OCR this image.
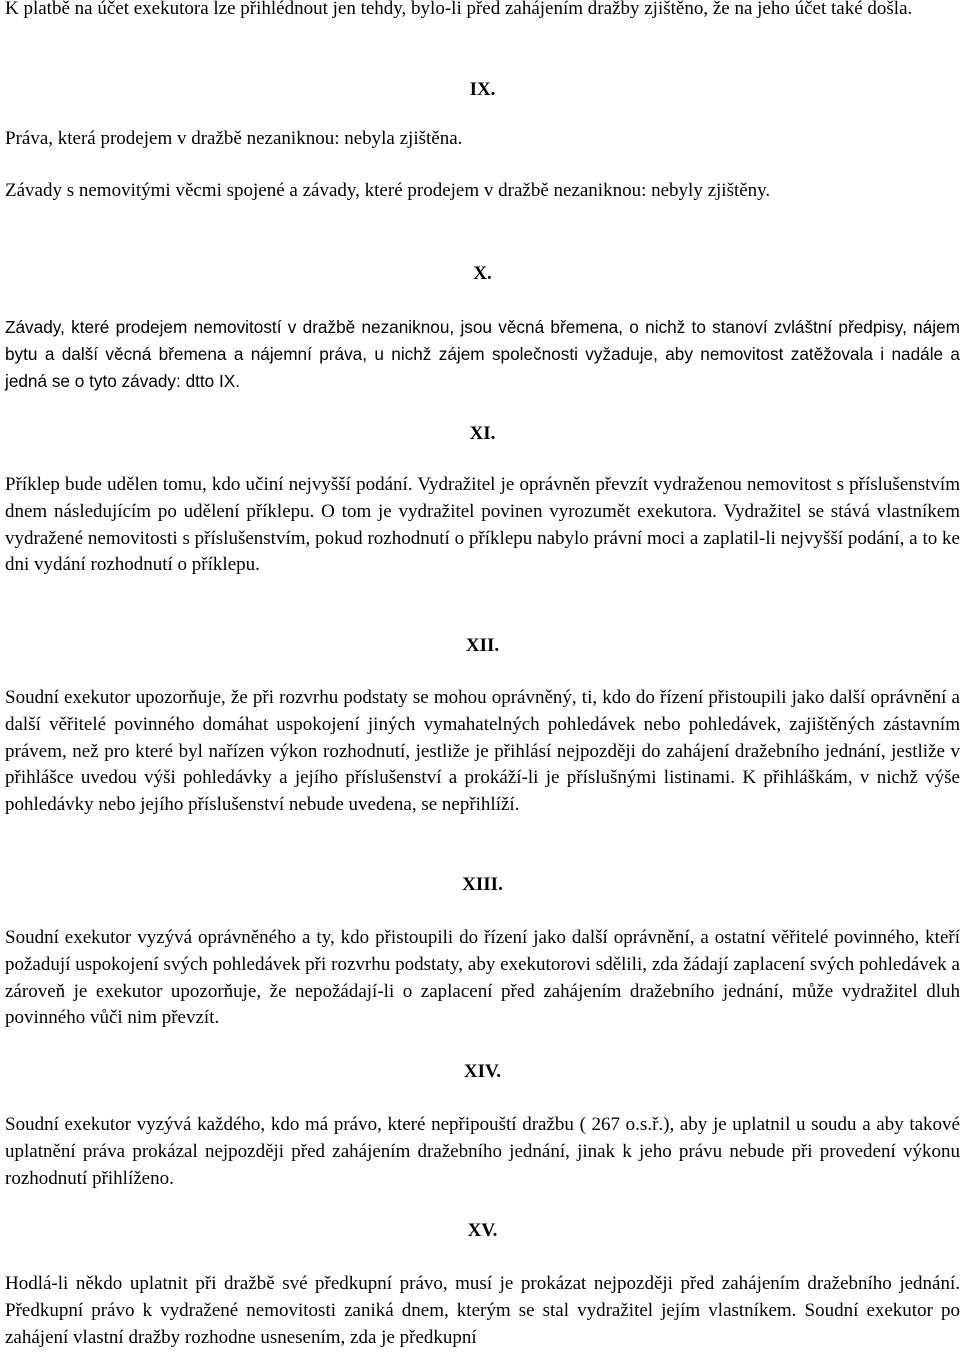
K platbě na účet exekutora lze přihlédnout jen tehdy, bylo-li před zahájením dražby zjištěno, že na jeho účet také došla.

IX.

Práva, která prodejem v dražbě nezaniknou: nebyla zjištěna.

Závady s nemovitými věcmi spojené a závady, které prodejem v dražbě nezaniknou: nebyly zjištěny.

X.

Závady, které prodejem nemovitostí v dražbě nezaniknou, jsou věcná břemena, o nichž to stanoví zvláštní předpisy, nájem bytu a další věcná břemena a nájemní práva, u nichž zájem společnosti vyžaduje, aby nemovitost zatěžovala i nadále a jedná se o tyto závady: dtto IX.

XI.

Příklep bude udělen tomu, kdo učiní nejvyšší podání. Vydražitel je oprávněn převzít vydraženou nemovitost s příslušenstvím dnem následujícím po udělení příklepu. O tom je vydražitel povinen vyrozumět exekutora. Vydražitel se stává vlastníkem vydražené nemovitosti s příslušenstvím, pokud rozhodnutí o příklepu nabylo právní moci a zaplatil-li nejvyšší podání, a to ke dni vydání rozhodnutí o příklepu.

XII.

Soudní exekutor upozorňuje, že při rozvrhu podstaty se mohou oprávněný, ti, kdo do řízení přistoupili jako další oprávnění a další věřitelé povinného domáhat uspokojení jiných vymahatelných pohledávek nebo pohledávek, zajištěných zástavním právem, než pro které byl nařízen výkon rozhodnutí, jestliže je přihlásí nejpozději do zahájení dražebního jednání, jestliže v přihlášce uvedou výši pohledávky a jejího příslušenství a prokáží-li je příslušnými listinami. K přihláškám, v nichž výše pohledávky nebo jejího příslušenství nebude uvedena, se nepřihlíží.

XIII.

Soudní exekutor vyzývá oprávněného a ty, kdo přistoupili do řízení jako další oprávnění, a ostatní věřitelé povinného, kteří požadují uspokojení svých pohledávek při rozvrhu podstaty, aby exekutorovi sdělili, zda žádají zaplacení svých pohledávek a zároveň je exekutor upozorňuje, že nepožádají-li o zaplacení před zahájením dražebního jednání, může vydražitel dluh povinného vůči nim převzít.

XIV.

Soudní exekutor vyzývá každého, kdo má právo, které nepřipouští dražbu ( 267 o.s.ř.), aby je uplatnil u soudu a aby takové uplatnění práva prokázal nejpozději před zahájením dražebního jednání, jinak k jeho právu nebude při provedení výkonu rozhodnutí přihlíženo.

XV.

Hodlá-li někdo uplatnit při dražbě své předkupní právo, musí je prokázat nejpozději před zahájením dražebního jednání. Předkupní právo k vydražené nemovitosti zaniká dnem, kterým se stal vydražitel jejím vlastníkem. Soudní exekutor po zahájení vlastní dražby rozhodne usnesením, zda je předkupní
